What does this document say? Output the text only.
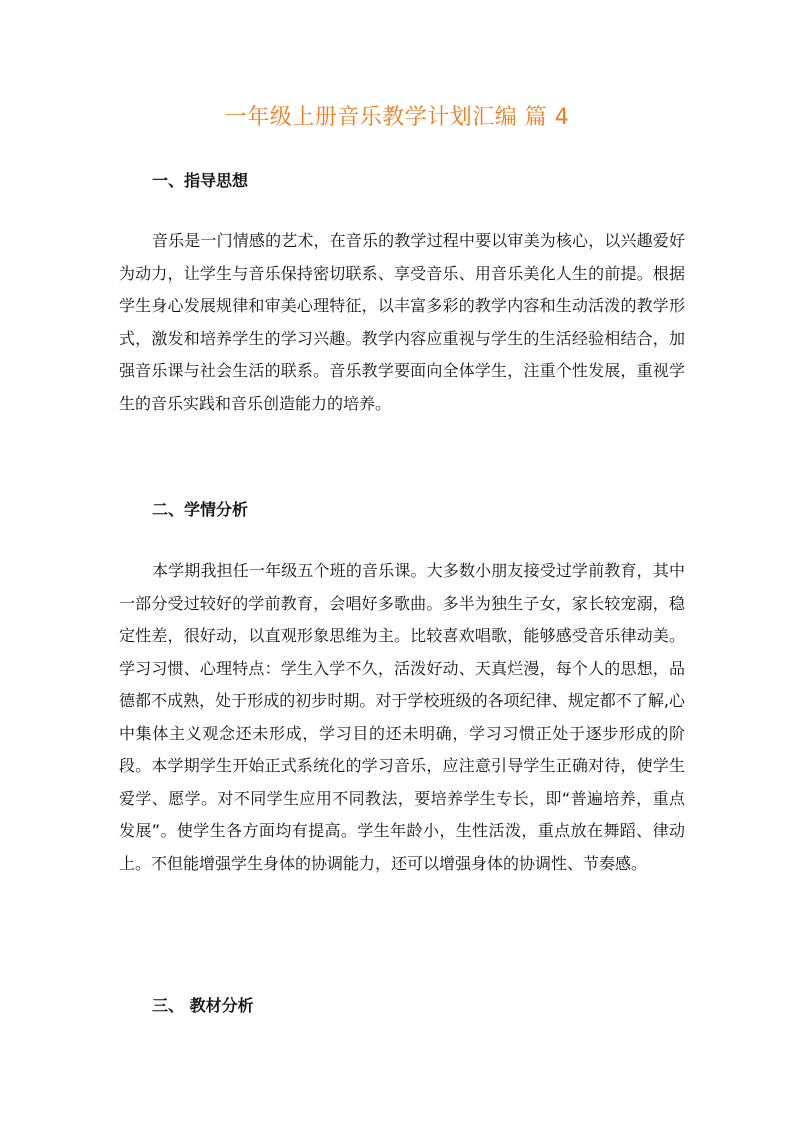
一年级上册音乐教学计划汇编 篇 4
一、指导思想

音乐是一门情感的艺术，在音乐的教学过程中要以审美为核心，以兴趣爱好为动力，让学生与音乐保持密切联系、享受音乐、用音乐美化人生的前提。根据学生身心发展规律和审美心理特征，以丰富多彩的教学内容和生动活泼的教学形式，激发和培养学生的学习兴趣。教学内容应重视与学生的生活经验相结合，加强音乐课与社会生活的联系。音乐教学要面向全体学生，注重个性发展，重视学生的音乐实践和音乐创造能力的培养。

二、学情分析

本学期我担任一年级五个班的音乐课。大多数小朋友接受过学前教育，其中一部分受过较好的学前教育，会唱好多歌曲。多半为独生子女，家长较宠溺，稳定性差，很好动，以直观形象思维为主。比较喜欢唱歌，能够感受音乐律动美。学习习惯、心理特点：学生入学不久，活泼好动、天真烂漫，每个人的思想，品德都不成熟，处于形成的初步时期。对于学校班级的各项纪律、规定都不了解,心中集体主义观念还未形成，学习目的还未明确，学习习惯正处于逐步形成的阶段。本学期学生开始正式系统化的学习音乐，应注意引导学生正确对待，使学生爱学、愿学。对不同学生应用不同教法，要培养学生专长，即“普遍培养，重点发展”。使学生各方面均有提高。学生年龄小，生性活泼，重点放在舞蹈、律动上。不但能增强学生身体的协调能力，还可以增强身体的协调性、节奏感。

三、 教材分析
